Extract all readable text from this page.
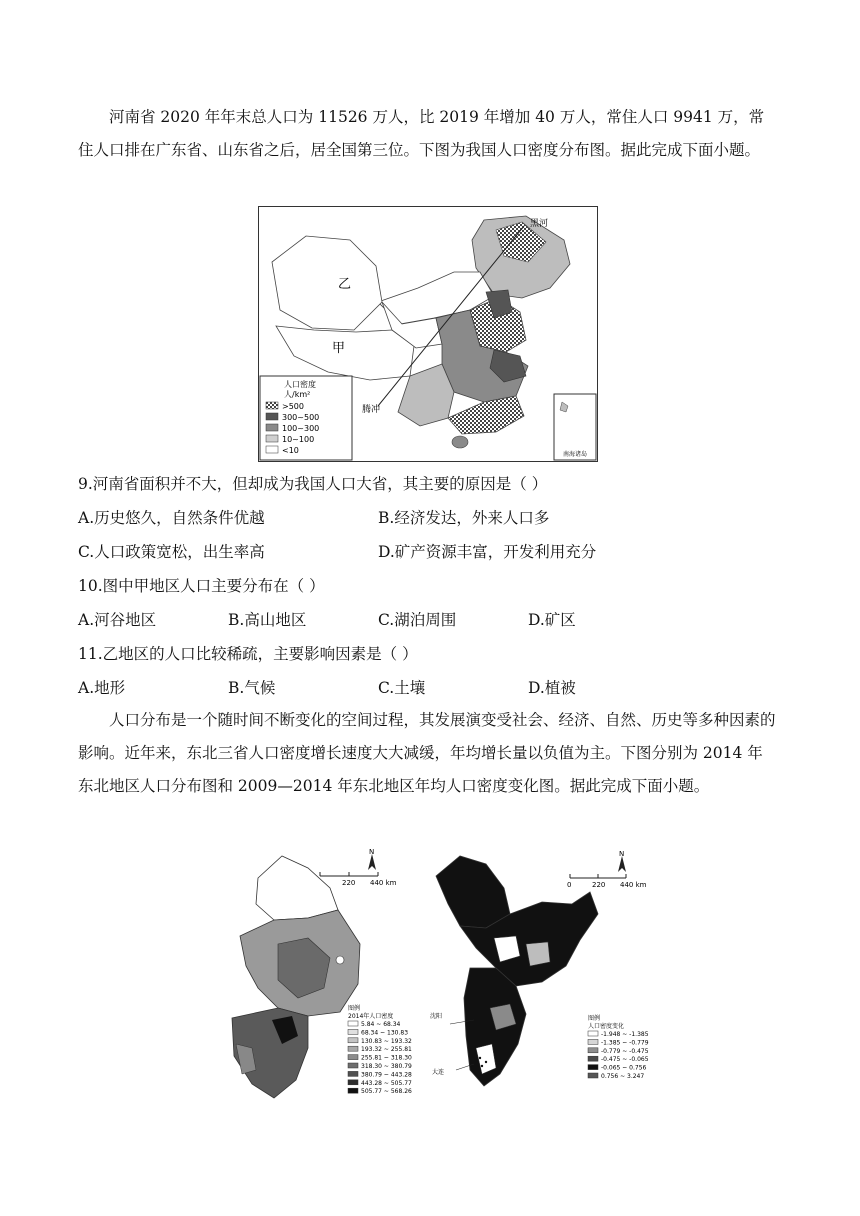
河南省 2020 年年末总人口为 11526 万人，比 2019 年增加 40 万人，常住人口 9941 万，常住人口排在广东省、山东省之后，居全国第三位。下图为我国人口密度分布图。据此完成下面小题。

黑河
腾冲
乙
甲
南海诸岛
人口密度
人/km²
>500
300~500
100~300
10~100
<10
9.河南省面积并不大，但却成为我国人口大省，其主要的原因是（ ）
A.历史悠久，自然条件优越	B.经济发达，外来人口多
C.人口政策宽松，出生率高	D.矿产资源丰富，开发利用充分
10.图中甲地区人口主要分布在（ ）
A.河谷地区	B.高山地区	C.湖泊周围	D.矿区
11.乙地区的人口比较稀疏，主要影响因素是（ ）
A.地形	B.气候	C.土壤	D.植被

人口分布是一个随时间不断变化的空间过程，其发展演变受社会、经济、自然、历史等多种因素的影响。近年来，东北三省人口密度增长速度大大减缓，年均增长量以负值为主。下图分别为 2014 年东北地区人口分布图和 2009—2014 年东北地区年均人口密度变化图。据此完成下面小题。

220 440 km
N
图例
2014年人口密度
5.84 ~ 68.34
68.34 ~ 130.83
130.83 ~ 193.32
193.32 ~ 255.81
255.81 ~ 318.30
318.30 ~ 380.79
380.79 ~ 443.28
443.28 ~ 505.77
505.77 ~ 568.26
0	220 440 km
N
沈阳
大连
图例
人口密度变化
-1.948 ~ -1.385
-1.385 ~ -0.779
-0.779 ~ -0.475
-0.475 ~ -0.065
-0.065 ~ 0.756
0.756 ~ 3.247
